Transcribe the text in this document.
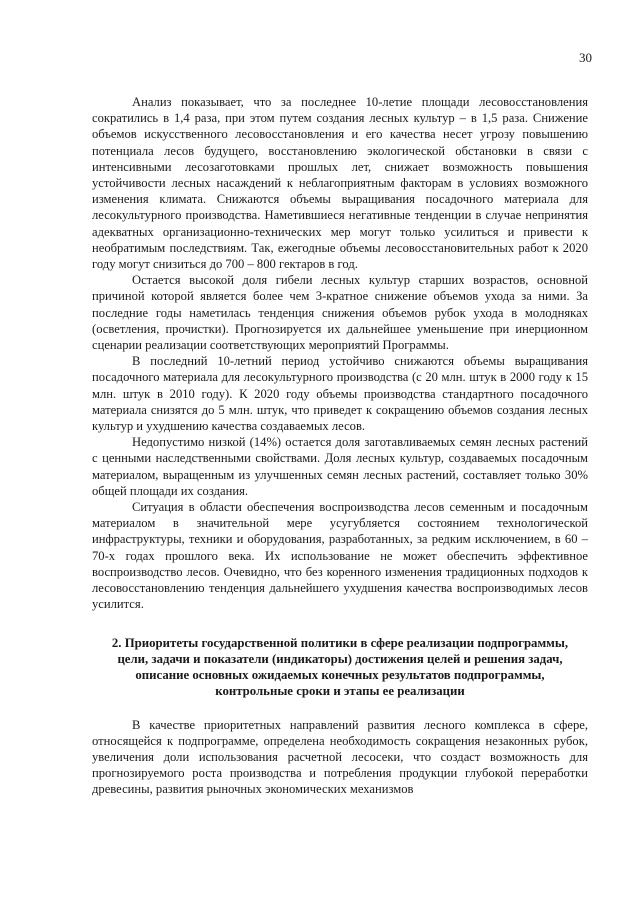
30

Анализ показывает, что за последнее 10-летие площади лесовосстановления сократились в 1,4 раза, при этом путем создания лесных культур – в 1,5 раза. Снижение объемов искусственного лесовосстановления и его качества несет угрозу повышению потенциала лесов будущего, восстановлению экологической обстановки в связи с интенсивными лесозаготовками прошлых лет, снижает возможность повышения устойчивости лесных насаждений к неблагоприятным факторам в условиях возможного изменения климата. Снижаются объемы выращивания посадочного материала для лесокультурного производства. Наметившиеся негативные тенденции в случае непринятия адекватных организационно-технических мер могут только усилиться и привести к необратимым последствиям. Так, ежегодные объемы лесовосстановительных работ к 2020 году могут снизиться до 700 – 800 гектаров в год.

Остается высокой доля гибели лесных культур старших возрастов, основной причиной которой является более чем 3-кратное снижение объемов ухода за ними. За последние годы наметилась тенденция снижения объемов рубок ухода в молодняках (осветления, прочистки). Прогнозируется их дальнейшее уменьшение при инерционном сценарии реализации соответствующих мероприятий Программы.

В последний 10-летний период устойчиво снижаются объемы выращивания посадочного материала для лесокультурного производства (с 20 млн. штук в 2000 году к 15 млн. штук в 2010 году). К 2020 году объемы производства стандартного посадочного материала снизятся до 5 млн. штук, что приведет к сокращению объемов создания лесных культур и ухудшению качества создаваемых лесов.

Недопустимо низкой (14%) остается доля заготавливаемых семян лесных растений с ценными наследственными свойствами. Доля лесных культур, создаваемых посадочным материалом, выращенным из улучшенных семян лесных растений, составляет только 30% общей площади их создания.

Ситуация в области обеспечения воспроизводства лесов семенным и посадочным материалом в значительной мере усугубляется состоянием технологической инфраструктуры, техники и оборудования, разработанных, за редким исключением, в 60 – 70-х годах прошлого века. Их использование не может обеспечить эффективное воспроизводство лесов. Очевидно, что без коренного изменения традиционных подходов к лесовосстановлению тенденция дальнейшего ухудшения качества воспроизводимых лесов усилится.

2. Приоритеты государственной политики в сфере реализации подпрограммы,
цели, задачи и показатели (индикаторы) достижения целей и решения задач,
описание основных ожидаемых конечных результатов подпрограммы,
контрольные сроки и этапы ее реализации

В качестве приоритетных направлений развития лесного комплекса в сфере, относящейся к подпрограмме, определена необходимость сокращения незаконных рубок, увеличения доли использования расчетной лесосеки, что создаст возможность для прогнозируемого роста производства и потребления продукции глубокой переработки древесины, развития рыночных экономических механизмов
